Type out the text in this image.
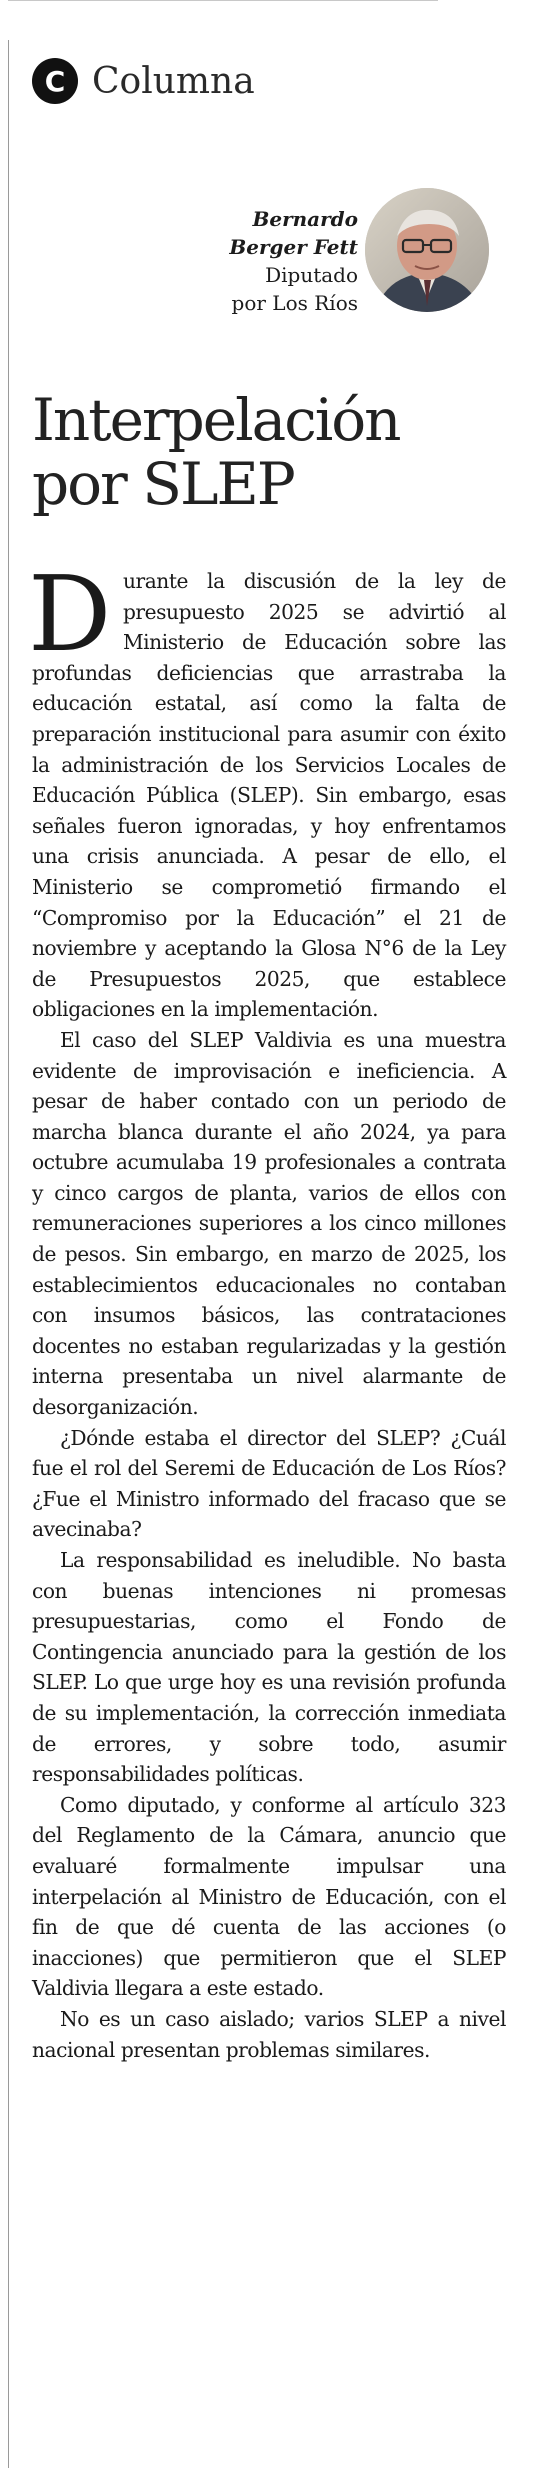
C Columna
Bernardo
Berger Fett
Diputado
por Los Ríos
Interpelación
por SLEP

Durante la discusión de la ley de presupuesto 2025 se advirtió al Ministerio de Educación sobre las profundas deficiencias que arrastraba la educación estatal, así como la falta de preparación institucional para asumir con éxito la administración de los Servicios Locales de Educación Pública (SLEP). Sin embargo, esas señales fueron ignoradas, y hoy enfrentamos una crisis anunciada. A pesar de ello, el Ministerio se comprometió firmando el “Compromiso por la Educación” el 21 de noviembre y aceptando la Glosa N°6 de la Ley de Presupuestos 2025, que establece obligaciones en la implementación.

El caso del SLEP Valdivia es una muestra evidente de improvisación e ineficiencia. A pesar de haber contado con un periodo de marcha blanca durante el año 2024, ya para octubre acumulaba 19 profesionales a contrata y cinco cargos de planta, varios de ellos con remuneraciones superiores a los cinco millones de pesos. Sin embargo, en marzo de 2025, los establecimientos educacionales no contaban con insumos básicos, las contrataciones docentes no estaban regularizadas y la gestión interna presentaba un nivel alarmante de desorganización.

¿Dónde estaba el director del SLEP? ¿Cuál fue el rol del Seremi de Educación de Los Ríos? ¿Fue el Ministro informado del fracaso que se avecinaba?

La responsabilidad es ineludible. No basta con buenas intenciones ni promesas presupuestarias, como el Fondo de Contingencia anunciado para la gestión de los SLEP. Lo que urge hoy es una revisión profunda de su implementación, la corrección inmediata de errores, y sobre todo, asumir responsabilidades políticas.

Como diputado, y conforme al artículo 323 del Reglamento de la Cámara, anuncio que evaluaré formalmente impulsar una interpelación al Ministro de Educación, con el fin de que dé cuenta de las acciones (o inacciones) que permitieron que el SLEP Valdivia llegara a este estado.

No es un caso aislado; varios SLEP a nivel nacional presentan problemas similares.
